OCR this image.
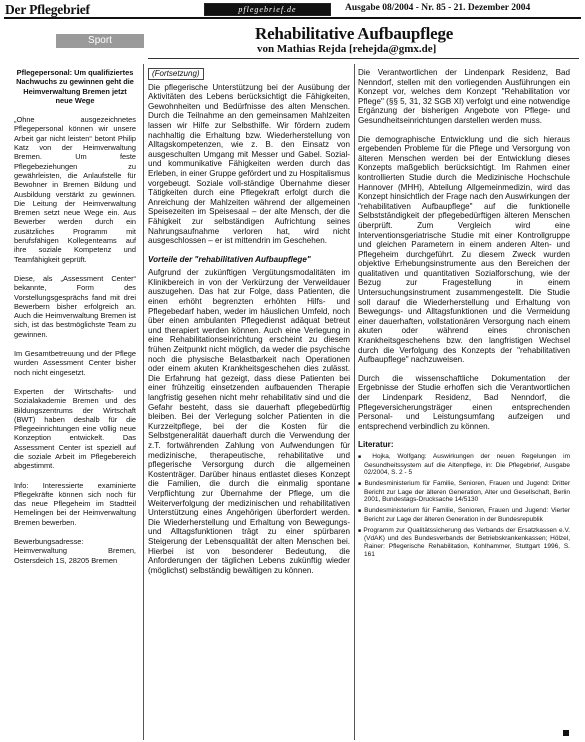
Der Pflegebrief	pflegebrief.de	Ausgabe 08/2004 - Nr. 85 - 21. Dezember 2004
Sport	Rehabilitative Aufbaupflege
von Mathias Rejda [rehejda@gmx.de]
Pflegepersonal: Um qualifiziertes Nachwuchs zu gewinnen geht die Heimverwaltung Bremen jetzt neue Wege
„Ohne ausgezeichnetes Pflegepersonal können wir unsere Arbeit gar nicht leisten“ betont Philip Katz von der Heimverwaltung Bremen. Um feste Pflegebeziehungen zu gewährleisten, die Anlaufstelle für Bewohner in Bremen Bildung und Ausbildung verstärkt zu gewinnen. Die Leitung der Heimverwaltung Bremen setzt neue Wege ein. Aus Bewerber werden durch ein zusätzliches Programm mit berufsfähigen Kollegenteams auf ihre soziale Kompetenz und Teamfähigkeit geprüft.
Diese, als „Assessment Center“ bekannte, Form des Vorstellungsgesprächs fand mit drei Bewerbern bisher erfolgreich an. Auch die Heimverwaltung Bremen ist sich, ist das bestmöglichste Team zu gewinnen.
Im Gesamtbetreuung und der Pflege wurden Assessment Center bisher noch nicht eingesetzt.
Experten der Wirtschafts- und Sozialakademie Bremen und des Bildungszentrums der Wirtschaft (BWT) haben deshalb für die Pflegeeinrichtungen eine völlig neue Konzeption entwickelt. Das Assessment Center ist speziell auf die soziale Arbeit im Pflegebereich abgestimmt.
Info: Interessierte examinierte Pflegekräfte können sich noch für das neue Pflegeheim im Stadtteil Hemelingen bei der Heimverwaltung Bremen bewerben.
Bewerbungsadresse: Heimverwaltung Bremen, Ostersdeich 1S, 28205 Bremen
(Fortsetzung)

Die pflegerische Unterstützung bei der Ausübung der Aktivitäten des Lebens berücksichtigt die Fähigkeiten, Gewohnheiten und Bedürfnisse des alten Menschen. Durch die Teilnahme an den gemeinsamen Mahlzeiten lassen wir Hilfe zur Selbsthilfe. Wir fördern zudem nachhaltig die Erhaltung bzw. Wiederherstellung von Alltagskompetenzen, wie z. B. den Einsatz von ausgeschulten Umgang mit Messer und Gabel. Sozial- und kommunikative Fähigkeiten werden durch das Erleben, in einer Gruppe gefördert und zu Hospitalismus vorgebeugt. Soziale voll-ständige Übernahme dieser Tätigkeiten durch eine Pflegekraft erfolgt durch die Anreichung der Mahlzeiten während der allgemeinen Speisezeiten im Speisesaal – der alte Mensch, der die Fähigkeit zur selbständigen Aufrichtung seines Nahrungsaufnahme verloren hat, wird nicht ausgeschlossen – er ist mittendrin im Geschehen.

Vorteile der "rehabilitativen Aufbaupflege"

Aufgrund der zukünftigen Vergütungsmodalitäten im Klinikbereich in von der Verkürzung der Verweildauer auszugehen. Das hat zur Folge, dass Patienten, die einen erhöht begrenzten erhöhten Hilfs- und Pflegebedarf haben, weder im häuslichen Umfeld, noch über einen ambulanten Pflegedienst adäquat betreut und therapiert werden können. Auch eine Verlegung in eine Rehabilitationseinrichtung erscheint zu diesem frühen Zeitpunkt nicht möglich, da weder die psychische noch die physische Belastbarkeit nach Operationen oder einem akuten Krankheitsgeschehen dies zulässt. Die Erfahrung hat gezeigt, dass diese Patienten bei einer frühzeitig einsetzenden aufbauenden Therapie langfristig gesehen nicht mehr rehabilitativ sind und die Gefahr besteht, dass sie dauerhaft pflegebedürftig bleiben. Bei der Verlegung solcher Patienten in die Kurzzeitpflege, bei der die Kosten für die Selbstgeneralität dauerhaft durch die Verwendung der z.T. fortwährenden Zahlung von Aufwendungen für medizinische, therapeutische, rehabilitative und pflegerische Versorgung durch die allgemeinen Kostenträger. Darüber hinaus entlastet dieses Konzept die Familien, die durch die einmalig spontane Verpflichtung zur Übernahme der Pflege, um die Weiterverfolgung der medizinischen und rehabilitativen Unterstützung eines Angehörigen überfordert werden. Die Wiederherstellung und Erhaltung von Bewegungs- und Alltagsfunktionen trägt zu einer spürbaren Steigerung der Lebensqualität der alten Menschen bei. Hierbei ist von besonderer Bedeutung, die Anforderungen der täglichen Lebens zukünftig wieder (möglichst) selbständig bewältigen zu können.

Die Verantwortlichen der Lindenpark Residenz, Bad Nenndorf, stellen mit den vorliegenden Ausführungen ein Konzept vor, welches dem Konzept "Rehabilitation vor Pflege" (§§ 5, 31, 32 SGB XI) verfolgt und eine notwendige Ergänzung der bisherigen Angebote von Pflege- und Gesundheitseinrichtungen darstellen werden muss.

Die demographische Entwicklung und die sich hieraus ergebenden Probleme für die Pflege und Versorgung von älteren Menschen werden bei der Entwicklung dieses Konzepts maßgeblich berücksichtigt. Im Rahmen einer kontrollierten Studie durch die Medizinische Hochschule Hannover (MHH), Abteilung Allgemeinmedizin, wird das Konzept hinsichtlich der Frage nach den Auswirkungen der "rehabilitativen Aufbaupflege" auf die funktionelle Selbstständigkeit der pflegebedürftigen älteren Menschen überprüft. Zum Vergleich wird eine Interventionsgeriatrische Studie mit einer Kontrollgruppe und gleichen Parametern in einem anderen Alten- und Pflegeheim durchgeführt. Zu diesem Zweck wurden objektive Erhebungsinstrumente aus den Bereichen der qualitativen und quantitativen Sozialforschung, wie der Bezug zur Fragestellung in einem Untersuchungsinstrument zusammengestellt. Die Studie soll darauf die Wiederherstellung und Erhaltung von Bewegungs- und Alltagsfunktionen und die Vermeidung einer dauerhaften, vollstationären Versorgung nach einem akuten oder während eines chronischen Krankheitsgeschehens bzw. den langfristigen Wechsel durch die Verfolgung des Konzepts der "rehabilitativen Aufbaupflege" nachzuweisen.

Durch die wissenschaftliche Dokumentation der Ergebnisse der Studie erhoffen sich die Verantwortlichen der Lindenpark Residenz, Bad Nenndorf, die Pflegeversicherungsträger einen entsprechenden Personal- und Leistungsumfang aufzeigen und entsprechend verbindlich zu können.

Literatur:
■ Hojka, Wolfgang: Auswirkungen der neuen Regelungen im Gesundheitssystem auf die Altenpflege, in: Die Pflegebrief, Ausgabe 02/2004, S. 2 - 5
■ Bundesministerium für Familie, Senioren, Frauen und Jugend: Dritter Bericht zur Lage der älteren Generation, Alter und Gesellschaft, Berlin 2001, Bundestags-Drucksache 14/5130
■ Bundesministerium für Familie, Senioren, Frauen und Jugend: Vierter Bericht zur Lage der älteren Generation in der Bundesrepublik
■ Programm zur Qualitätssicherung des Verbands der Ersatzkassen e.V. (VdAK) und des Bundesverbands der Betriebskrankenkassen; Hölzel, Rainer: Pflegerische Rehabilitation, Kohlhammer, Stuttgart 1996, S. 161
